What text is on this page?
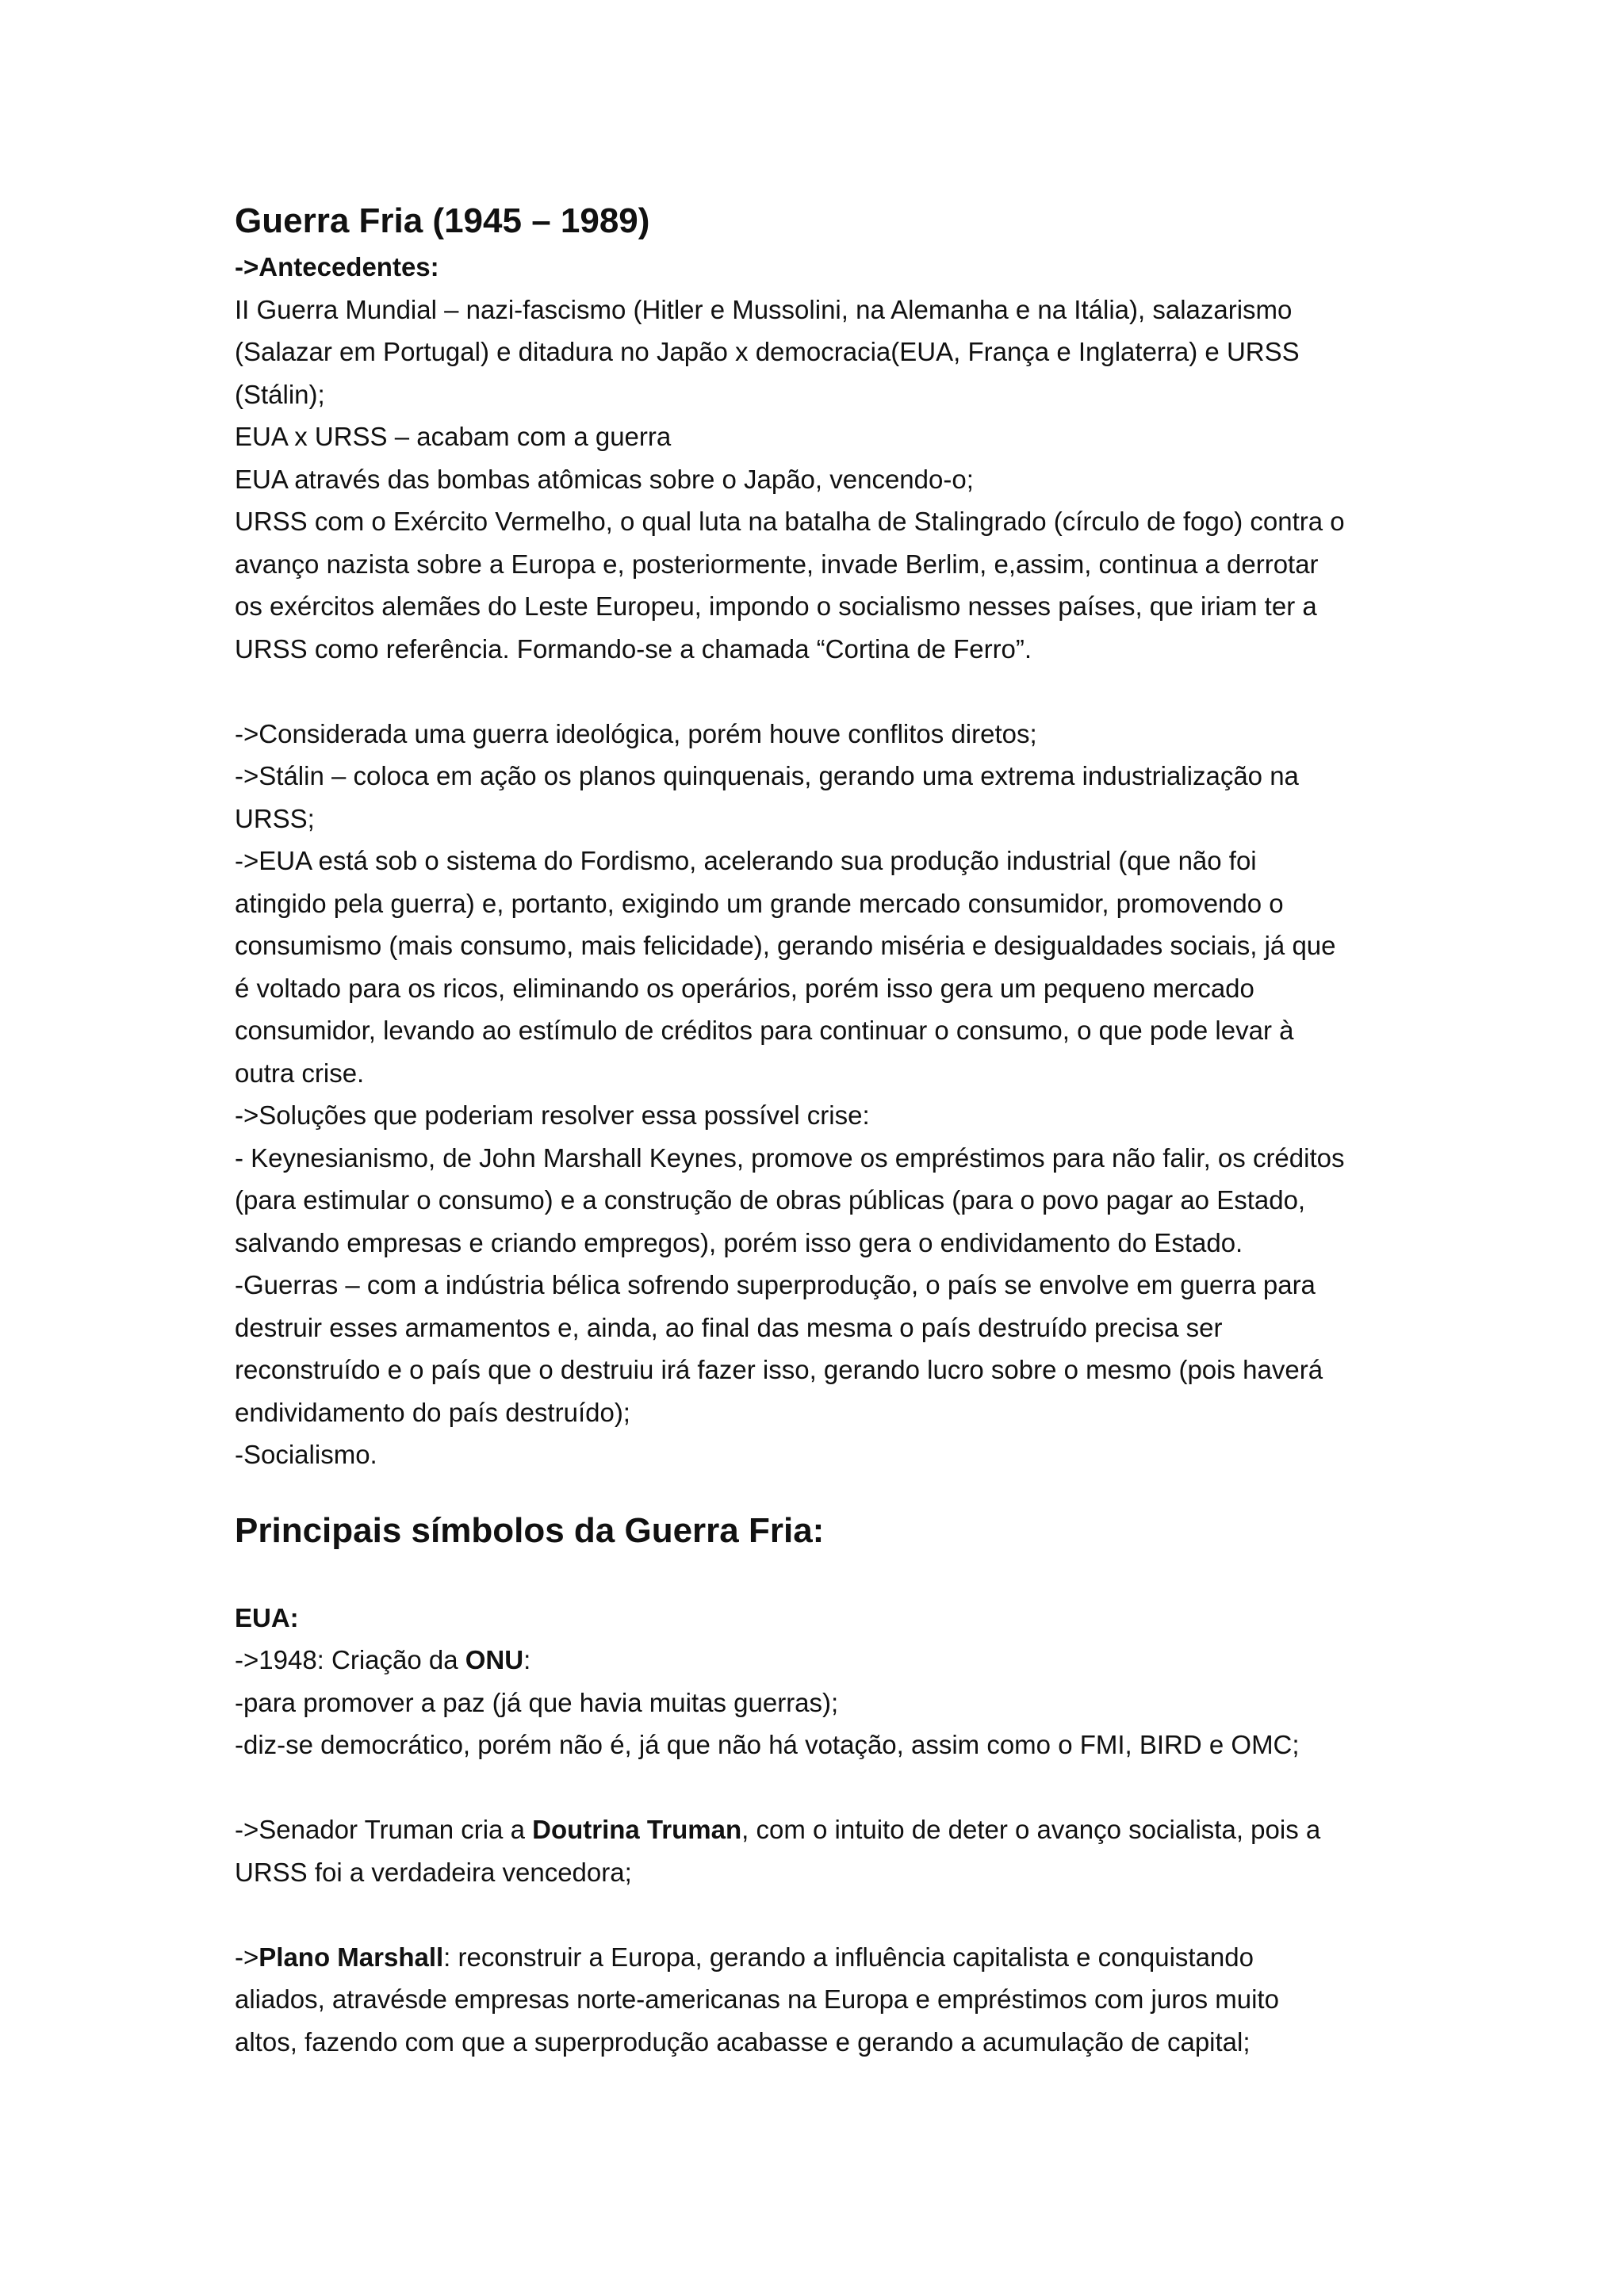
Guerra Fria (1945 – 1989)

->Antecedentes:

II Guerra Mundial – nazi-fascismo (Hitler e Mussolini, na Alemanha e na Itália), salazarismo

(Salazar em Portugal) e ditadura no Japão x democracia(EUA, França e Inglaterra) e URSS

(Stálin);

EUA x URSS – acabam com a guerra

EUA através das bombas atômicas sobre o Japão, vencendo-o;

URSS com o Exército Vermelho, o qual luta na batalha de Stalingrado (círculo de fogo) contra o

avanço nazista sobre a Europa e, posteriormente, invade Berlim, e,assim, continua a derrotar

os exércitos alemães do Leste Europeu, impondo o socialismo nesses países, que iriam ter a

URSS como referência. Formando-se a chamada “Cortina de Ferro”.

->Considerada uma guerra ideológica, porém houve conflitos diretos;

->Stálin – coloca em ação os planos quinquenais, gerando uma extrema industrialização na

URSS;

->EUA está sob o sistema do Fordismo, acelerando sua produção industrial (que não foi

atingido pela guerra) e, portanto, exigindo um grande mercado consumidor, promovendo o

consumismo (mais consumo, mais felicidade), gerando miséria e desigualdades sociais, já que

é voltado para os ricos, eliminando os operários, porém isso gera um pequeno mercado

consumidor, levando ao estímulo de créditos para continuar o consumo, o que pode levar à

outra crise.

->Soluções que poderiam resolver essa possível crise:

- Keynesianismo, de John Marshall Keynes, promove os empréstimos para não falir, os créditos

(para estimular o consumo) e a construção de obras públicas (para o povo pagar ao Estado,

salvando empresas e criando empregos), porém isso gera o endividamento do Estado.

-Guerras – com a indústria bélica sofrendo superprodução, o país se envolve em guerra para

destruir esses armamentos e, ainda, ao final das mesma o país destruído precisa ser

reconstruído e o país que o destruiu irá fazer isso, gerando lucro sobre o mesmo (pois haverá

endividamento do país destruído);

-Socialismo.

Principais símbolos da Guerra Fria:

EUA:

->1948: Criação da ONU:

-para promover a paz (já que havia muitas guerras);

-diz-se democrático, porém não é, já que não há votação, assim como o FMI, BIRD e OMC;

->Senador Truman cria a Doutrina Truman, com o intuito de deter o avanço socialista, pois a

URSS foi a verdadeira vencedora;

->Plano Marshall: reconstruir a Europa, gerando a influência capitalista e conquistando

aliados, atravésde empresas norte-americanas na Europa e empréstimos com juros muito

altos, fazendo com que a superprodução acabasse e gerando a acumulação de capital;
